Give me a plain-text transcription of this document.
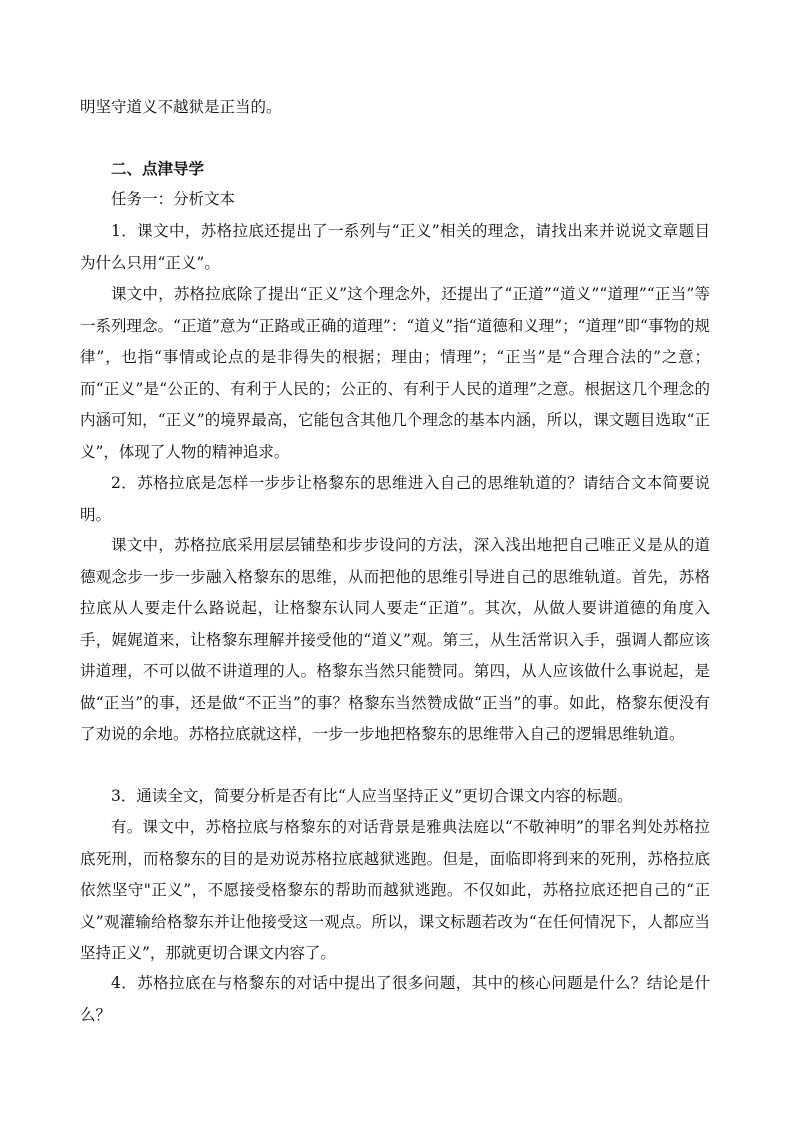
明坚守道义不越狱是正当的。
二、点津导学
任务一：分析文本
1．课文中，苏格拉底还提出了一系列与“正义”相关的理念，请找出来并说说文章题目为什么只用“正义”。
课文中，苏格拉底除了提出“正义”这个理念外，还提出了“正道”“道义”“道理”“正当”等一系列理念。“正道”意为“正路或正确的道理”：“道义”指“道德和义理”；“道理”即“事物的规律”，也指“事情或论点的是非得失的根据；理由；情理”；“正当”是“合理合法的”之意；而“正义”是“公正的、有利于人民的；公正的、有利于人民的道理”之意。根据这几个理念的内涵可知，“正义”的境界最高，它能包含其他几个理念的基本内涵，所以，课文题目选取“正义”，体现了人物的精神追求。
2．苏格拉底是怎样一步步让格黎东的思维进入自己的思维轨道的？请结合文本简要说明。
课文中，苏格拉底采用层层铺垫和步步设问的方法，深入浅出地把自己唯正义是从的道德观念步一步一步融入格黎东的思维，从而把他的思维引导进自己的思维轨道。首先，苏格拉底从人要走什么路说起，让格黎东认同人要走“正道”。其次，从做人要讲道德的角度入手，娓娓道来，让格黎东理解并接受他的“道义”观。第三，从生活常识入手，强调人都应该讲道理，不可以做不讲道理的人。格黎东当然只能赞同。第四，从人应该做什么事说起，是做“正当”的事，还是做“不正当”的事？格黎东当然赞成做“正当”的事。如此，格黎东便没有了劝说的余地。苏格拉底就这样，一步一步地把格黎东的思维带入自己的逻辑思维轨道。
3．通读全文，简要分析是否有比“人应当坚持正义”更切合课文内容的标题。
有。课文中，苏格拉底与格黎东的对话背景是雅典法庭以“不敬神明”的罪名判处苏格拉底死刑，而格黎东的目的是劝说苏格拉底越狱逃跑。但是，面临即将到来的死刑，苏格拉底依然坚守"正义”，不愿接受格黎东的帮助而越狱逃跑。不仅如此，苏格拉底还把自己的“正义”观灌输给格黎东并让他接受这一观点。所以，课文标题若改为“在任何情况下，人都应当坚持正义”，那就更切合课文内容了。
4．苏格拉底在与格黎东的对话中提出了很多问题，其中的核心问题是什么？结论是什么？
